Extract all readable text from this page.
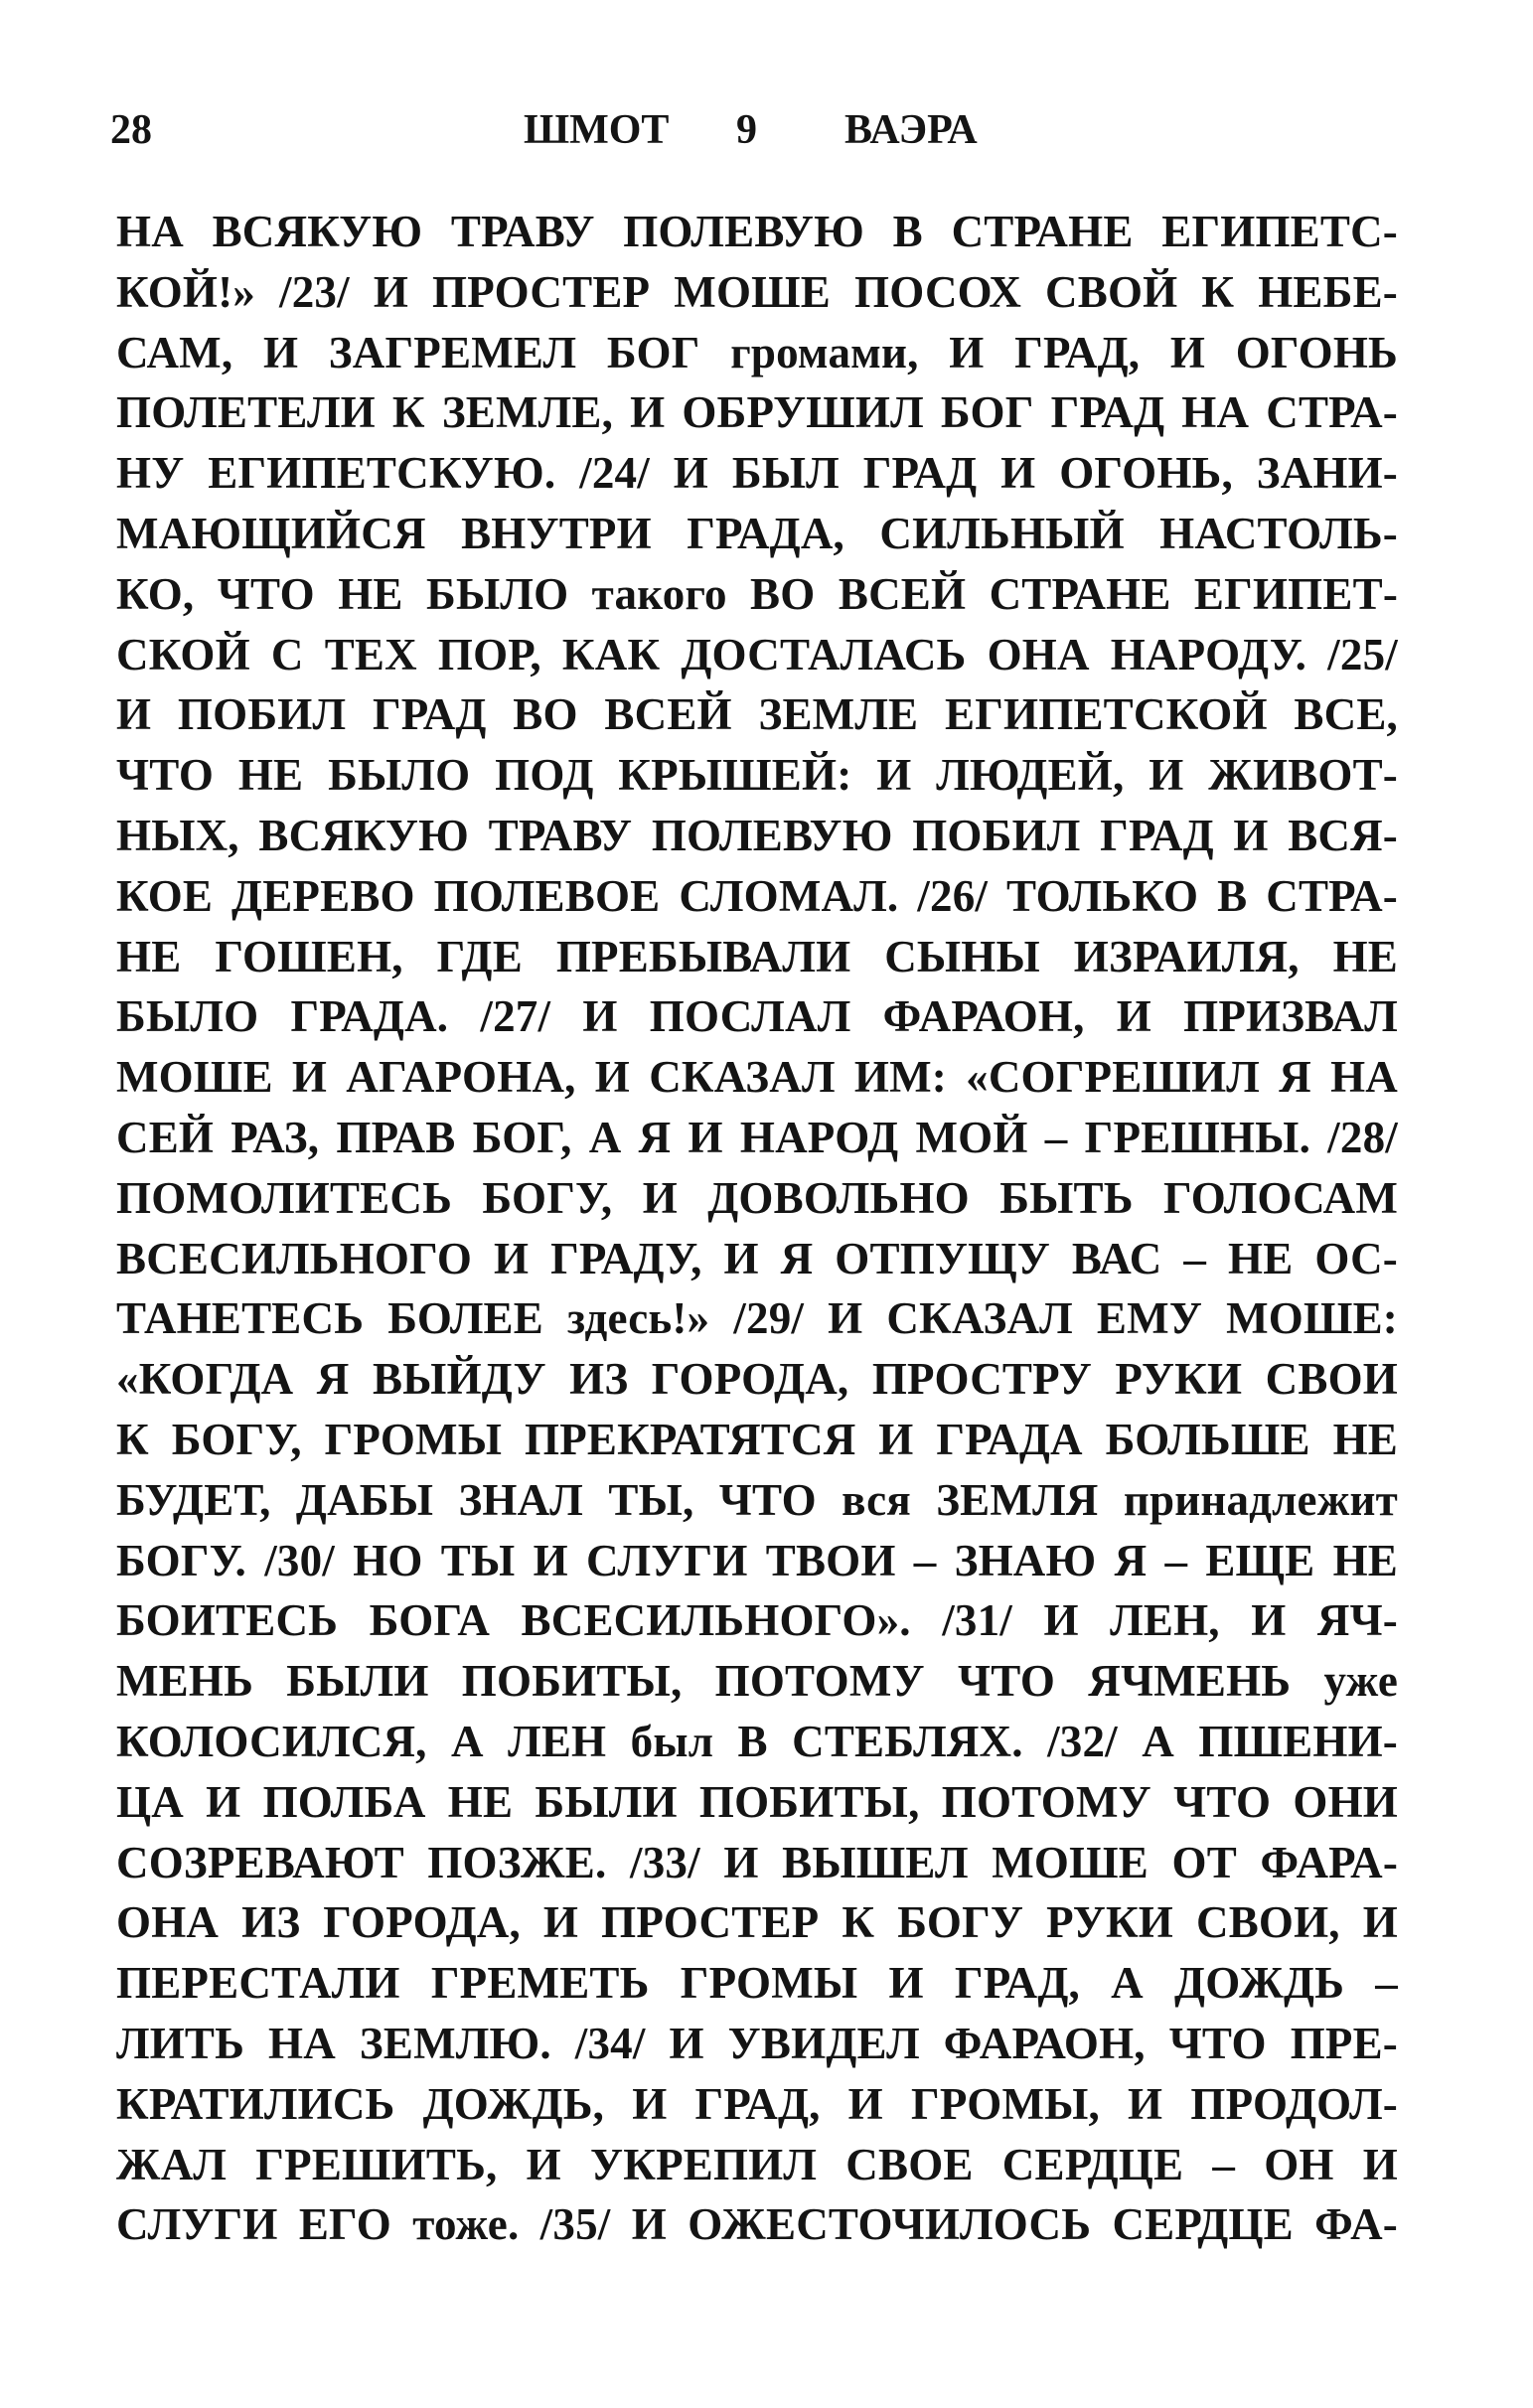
28	ШМОТ 9 ВАЭРА
НА ВСЯКУЮ ТРАВУ ПОЛЕВУЮ В СТРАНЕ ЕГИПЕТС-
КОЙ!» /23/ И ПРОСТЕР МОШЕ ПОСОХ СВОЙ К НЕБЕ-
САМ, И ЗАГРЕМЕЛ БОГ громами, И ГРАД, И ОГОНЬ
ПОЛЕТЕЛИ К ЗЕМЛЕ, И ОБРУШИЛ БОГ ГРАД НА СТРА-
НУ ЕГИПЕТСКУЮ. /24/ И БЫЛ ГРАД И ОГОНЬ, ЗАНИ-
МАЮЩИЙСЯ ВНУТРИ ГРАДА, СИЛЬНЫЙ НАСТОЛЬ-
КО, ЧТО НЕ БЫЛО такого ВО ВСЕЙ СТРАНЕ ЕГИПЕТ-
СКОЙ С ТЕХ ПОР, КАК ДОСТАЛАСЬ ОНА НАРОДУ. /25/
И ПОБИЛ ГРАД ВО ВСЕЙ ЗЕМЛЕ ЕГИПЕТСКОЙ ВСЕ,
ЧТО НЕ БЫЛО ПОД КРЫШЕЙ: И ЛЮДЕЙ, И ЖИВОТ-
НЫХ, ВСЯКУЮ ТРАВУ ПОЛЕВУЮ ПОБИЛ ГРАД И ВСЯ-
КОЕ ДЕРЕВО ПОЛЕВОЕ СЛОМАЛ. /26/ ТОЛЬКО В СТРА-
НЕ ГОШЕН, ГДЕ ПРЕБЫВАЛИ СЫНЫ ИЗРАИЛЯ, НЕ
БЫЛО ГРАДА. /27/ И ПОСЛАЛ ФАРАОН, И ПРИЗВАЛ
МОШЕ И АГАРОНА, И СКАЗАЛ ИМ: «СОГРЕШИЛ Я НА
СЕЙ РАЗ, ПРАВ БОГ, А Я И НАРОД МОЙ – ГРЕШНЫ. /28/
ПОМОЛИТЕСЬ БОГУ, И ДОВОЛЬНО БЫТЬ ГОЛОСАМ
ВСЕСИЛЬНОГО И ГРАДУ, И Я ОТПУЩУ ВАС – НЕ ОС-
ТАНЕТЕСЬ БОЛЕЕ здесь!» /29/ И СКАЗАЛ ЕМУ МОШЕ:
«КОГДА Я ВЫЙДУ ИЗ ГОРОДА, ПРОСТРУ РУКИ СВОИ
К БОГУ, ГРОМЫ ПРЕКРАТЯТСЯ И ГРАДА БОЛЬШЕ НЕ
БУДЕТ, ДАБЫ ЗНАЛ ТЫ, ЧТО вся ЗЕМЛЯ принадлежит
БОГУ. /30/ НО ТЫ И СЛУГИ ТВОИ – ЗНАЮ Я – ЕЩЕ НЕ
БОИТЕСЬ БОГА ВСЕСИЛЬНОГО». /31/ И ЛЕН, И ЯЧ-
МЕНЬ БЫЛИ ПОБИТЫ, ПОТОМУ ЧТО ЯЧМЕНЬ уже
КОЛОСИЛСЯ, А ЛЕН был В СТЕБЛЯХ. /32/ А ПШЕНИ-
ЦА И ПОЛБА НЕ БЫЛИ ПОБИТЫ, ПОТОМУ ЧТО ОНИ
СОЗРЕВАЮТ ПОЗЖЕ. /33/ И ВЫШЕЛ МОШЕ ОТ ФАРА-
ОНА ИЗ ГОРОДА, И ПРОСТЕР К БОГУ РУКИ СВОИ, И
ПЕРЕСТАЛИ ГРЕМЕТЬ ГРОМЫ И ГРАД, А ДОЖДЬ –
ЛИТЬ НА ЗЕМЛЮ. /34/ И УВИДЕЛ ФАРАОН, ЧТО ПРЕ-
КРАТИЛИСЬ ДОЖДЬ, И ГРАД, И ГРОМЫ, И ПРОДОЛ-
ЖАЛ ГРЕШИТЬ, И УКРЕПИЛ СВОЕ СЕРДЦЕ – ОН И
СЛУГИ ЕГО тоже. /35/ И ОЖЕСТОЧИЛОСЬ СЕРДЦЕ ФА-
